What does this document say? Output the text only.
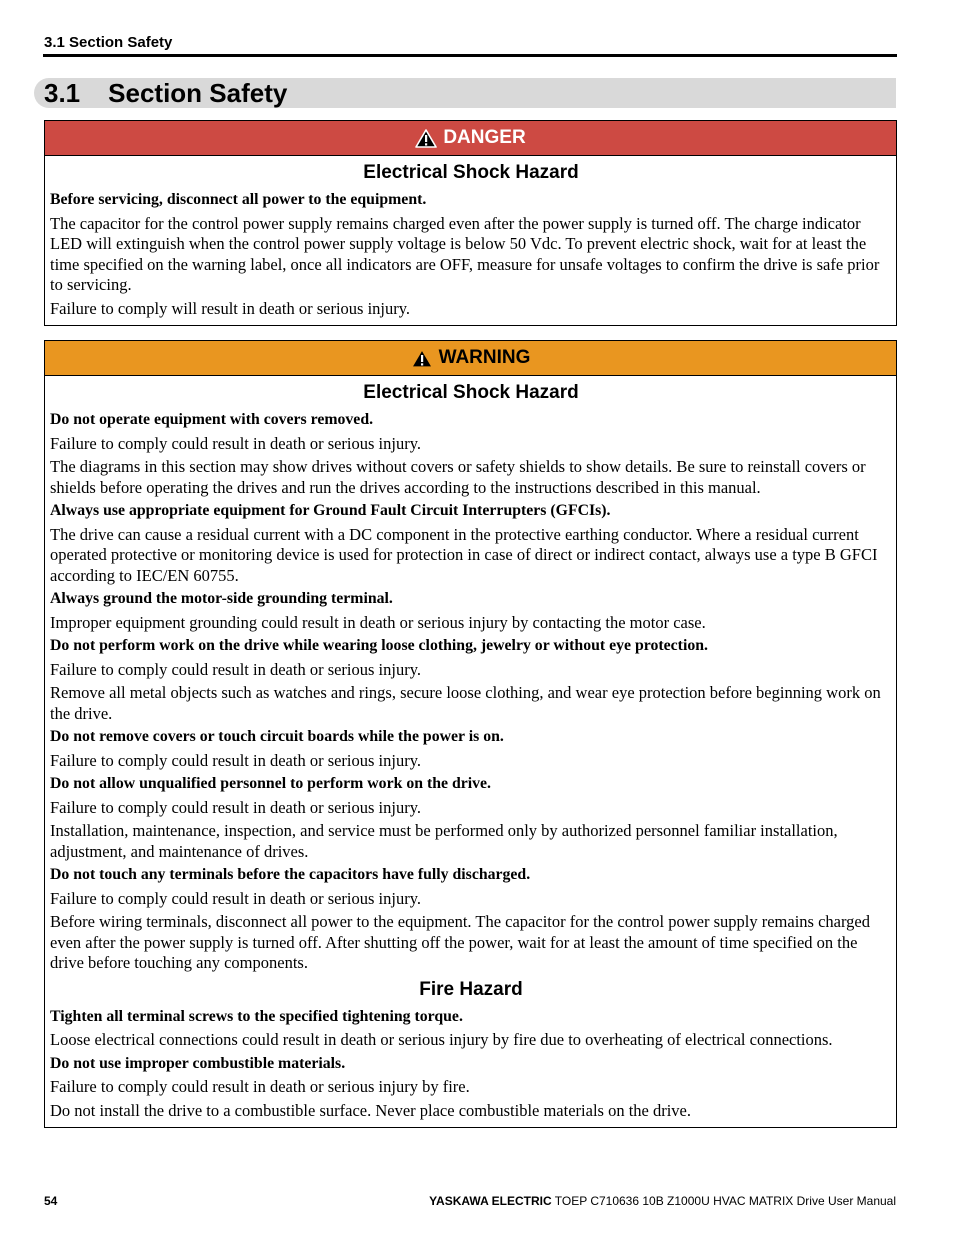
3.1 Section Safety
3.1 Section Safety
DANGER
Electrical Shock Hazard
Before servicing, disconnect all power to the equipment.
The capacitor for the control power supply remains charged even after the power supply is turned off. The charge indicator LED will extinguish when the control power supply voltage is below 50 Vdc. To prevent electric shock, wait for at least the time specified on the warning label, once all indicators are OFF, measure for unsafe voltages to confirm the drive is safe prior to servicing.
Failure to comply will result in death or serious injury.
WARNING
Electrical Shock Hazard
Do not operate equipment with covers removed.
Failure to comply could result in death or serious injury.
The diagrams in this section may show drives without covers or safety shields to show details. Be sure to reinstall covers or shields before operating the drives and run the drives according to the instructions described in this manual.
Always use appropriate equipment for Ground Fault Circuit Interrupters (GFCIs).
The drive can cause a residual current with a DC component in the protective earthing conductor. Where a residual current operated protective or monitoring device is used for protection in case of direct or indirect contact, always use a type B GFCI according to IEC/EN 60755.
Always ground the motor-side grounding terminal.
Improper equipment grounding could result in death or serious injury by contacting the motor case.
Do not perform work on the drive while wearing loose clothing, jewelry or without eye protection.
Failure to comply could result in death or serious injury.
Remove all metal objects such as watches and rings, secure loose clothing, and wear eye protection before beginning work on the drive.
Do not remove covers or touch circuit boards while the power is on.
Failure to comply could result in death or serious injury.
Do not allow unqualified personnel to perform work on the drive.
Failure to comply could result in death or serious injury.
Installation, maintenance, inspection, and service must be performed only by authorized personnel familiar installation, adjustment, and maintenance of drives.
Do not touch any terminals before the capacitors have fully discharged.
Failure to comply could result in death or serious injury.
Before wiring terminals, disconnect all power to the equipment. The capacitor for the control power supply remains charged even after the power supply is turned off. After shutting off the power, wait for at least the amount of time specified on the drive before touching any components.
Fire Hazard
Tighten all terminal screws to the specified tightening torque.
Loose electrical connections could result in death or serious injury by fire due to overheating of electrical connections.
Do not use improper combustible materials.
Failure to comply could result in death or serious injury by fire.
Do not install the drive to a combustible surface. Never place combustible materials on the drive.
54	YASKAWA ELECTRIC TOEP C710636 10B Z1000U HVAC MATRIX Drive User Manual
